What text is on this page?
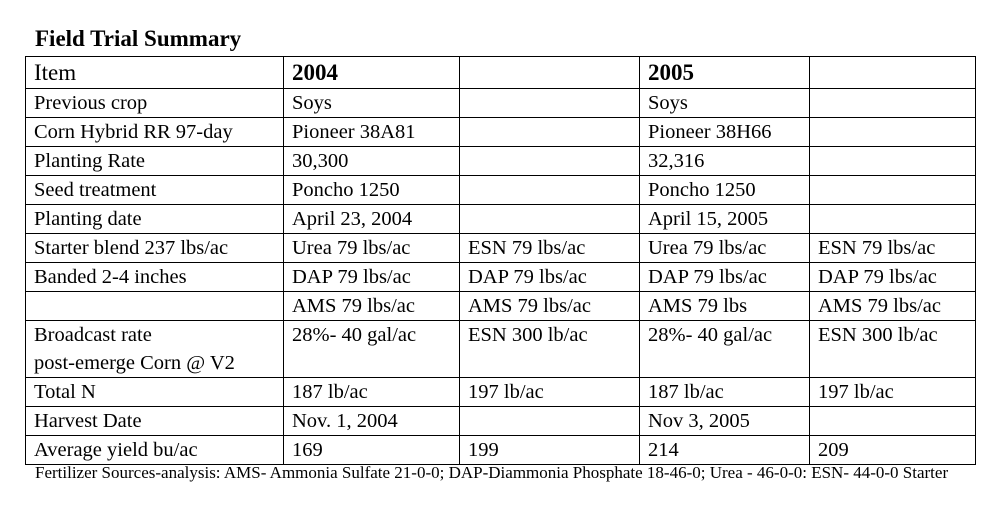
Field Trial Summary
Item	2004		2005	
Previous crop	Soys		Soys	
Corn Hybrid RR 97-day	Pioneer 38A81		Pioneer 38H66	
Planting Rate	30,300		32,316	
Seed treatment	Poncho 1250		Poncho 1250	
Planting date	April 23, 2004		April 15, 2005	
Starter blend 237 lbs/ac	Urea 79 lbs/ac	ESN 79 lbs/ac	Urea 79 lbs/ac	ESN 79 lbs/ac
Banded 2-4 inches	DAP 79 lbs/ac	DAP 79 lbs/ac	DAP 79 lbs/ac	DAP 79 lbs/ac
	AMS 79 lbs/ac	AMS 79 lbs/ac	AMS 79 lbs	AMS 79 lbs/ac
Broadcast rate
post-emerge Corn @ V2	28%- 40 gal/ac	ESN 300 lb/ac	28%- 40 gal/ac	ESN 300 lb/ac
Total N	187 lb/ac	197 lb/ac	187 lb/ac	197 lb/ac
Harvest Date	Nov. 1, 2004		Nov 3, 2005	
Average yield bu/ac	169	199	214	209
Fertilizer Sources-analysis: AMS- Ammonia Sulfate 21-0-0; DAP-Diammonia Phosphate 18-46-0; Urea - 46-0-0: ESN- 44-0-0 Starter
